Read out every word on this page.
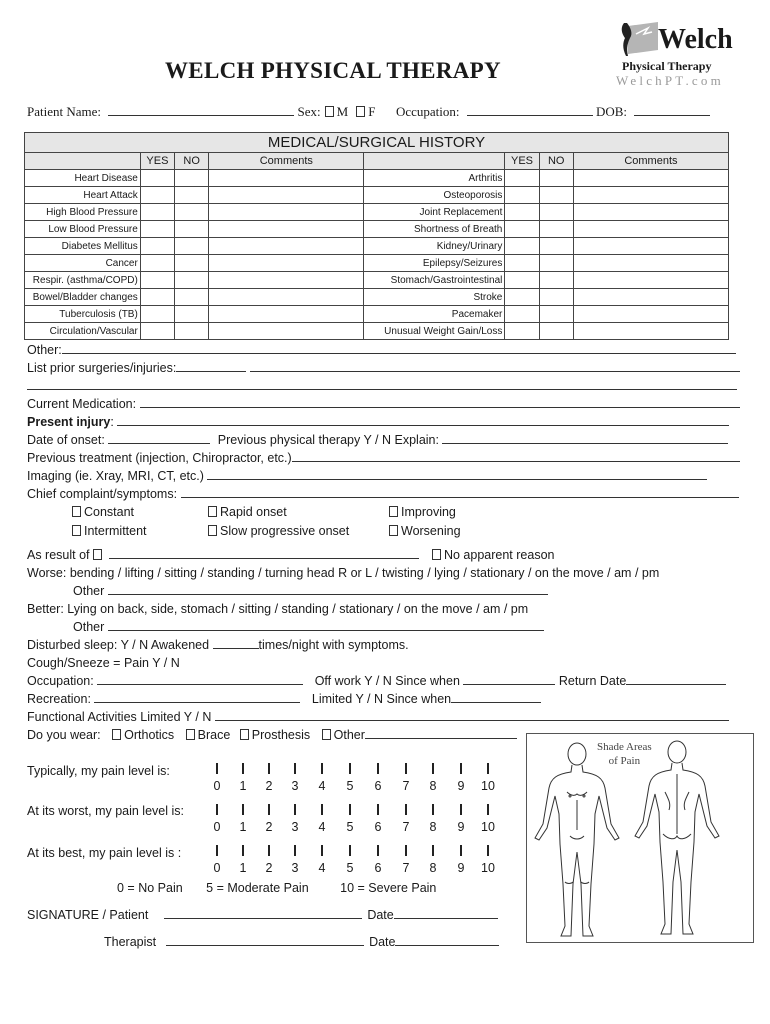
WELCH PHYSICAL THERAPY
Welch
Physical Therapy
WelchPT.com
Patient Name:	Sex: M F Occupation:	DOB:
MEDICAL/SURGICAL HISTORY							
	YES	NO	Comments		YES	NO	Comments
Heart Disease				Arthritis			
Heart Attack				Osteoporosis			
High Blood Pressure				Joint Replacement			
Low Blood Pressure				Shortness of Breath			
Diabetes Mellitus				Kidney/Urinary			
Cancer				Epilepsy/Seizures			
Respir. (asthma/COPD)				Stomach/Gastrointestinal			
Bowel/Bladder changes				Stroke			
Tuberculosis (TB)				Pacemaker			
Circulation/Vascular				Unusual Weight Gain/Loss			
Other:
List prior surgeries/injuries:
Current Medication:
Present injury:
Date of onset:	Previous physical therapy Y / N Explain:
Previous treatment (injection, Chiropractor, etc.)
Imaging (ie. Xray, MRI, CT, etc.)
Chief complaint/symptoms:
Constant
Intermittent
Rapid onset
Slow progressive onset
Improving
Worsening
As result of	No apparent reason
Worse: bending / lifting / sitting / standing / turning head R or L / twisting / lying / stationary / on the move / am / pm
Other
Better: Lying on back, side, stomach / sitting / standing / stationary / on the move / am / pm
Other
Disturbed sleep: Y / N Awakened	times/night with symptoms.
Cough/Sneeze = Pain Y / N
Occupation:	Off work Y / N Since when	Return Date
Recreation:	Limited Y / N Since when
Functional Activities Limited Y / N
Do you wear: Orthotics Brace Prosthesis Other
Typically, my pain level is:
0	1	2	3	4	5	6	7	8	9	10
At its worst, my pain level is:
0	1	2	3	4	5	6	7	8	9	10
At its best, my pain level is :
0	1	2	3	4	5	6	7	8	9	10
0 = No Pain 5 = Moderate Pain	10 = Severe Pain
SIGNATURE / Patient	Date
Therapist	Date
Shade Areas
of Pain
